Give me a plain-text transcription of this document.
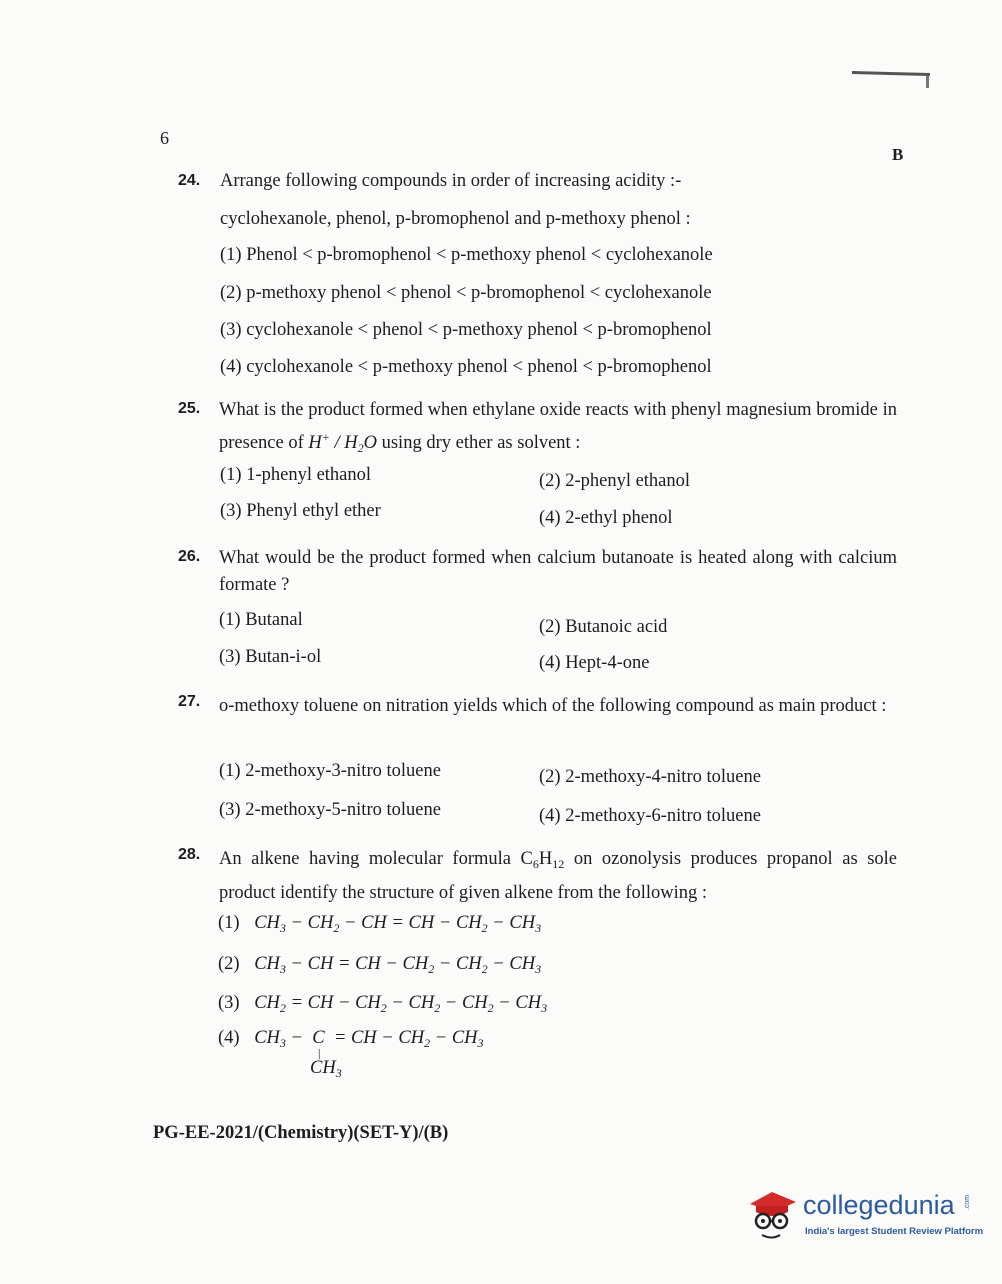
6
B
24. Arrange following compounds in order of increasing acidity :-
cyclohexanole, phenol, p-bromophenol and p-methoxy phenol :
(1) Phenol < p-bromophenol < p-methoxy phenol < cyclohexanole
(2) p-methoxy phenol < phenol < p-bromophenol < cyclohexanole
(3) cyclohexanole < phenol < p-methoxy phenol < p-bromophenol
(4) cyclohexanole < p-methoxy phenol < phenol < p-bromophenol
25. What is the product formed when ethylane oxide reacts with phenyl magnesium bromide in presence of $H^+ / H_2O$ using dry ether as solvent :
(1) 1-phenyl ethanol	(2) 2-phenyl ethanol
(3) Phenyl ethyl ether	(4) 2-ethyl phenol
26. What would be the product formed when calcium butanoate is heated along with calcium formate ?
(1) Butanal	(2) Butanoic acid
(3) Butan-i-ol	(4) Hept-4-one
27. o-methoxy toluene on nitration yields which of the following compound as main product :
(1) 2-methoxy-3-nitro toluene	(2) 2-methoxy-4-nitro toluene
(3) 2-methoxy-5-nitro toluene	(4) 2-methoxy-6-nitro toluene
28. An alkene having molecular formula $C_6H_{12}$ on ozonolysis produces propanol as sole product identify the structure of given alkene from the following :
(1) $CH_3 - CH_2$ − CH = CH − $CH_2 - CH_3$
(2) $CH_3$ − CH = CH − $CH_2 - CH_2 - CH_3$
(3) $CH_2$ = CH − $CH_2 - CH_2 - CH_2 - CH_3$
(4) $CH_3 - C$  = CH − $CH_2 - CH_3$
|
$CH_3$
PG-EE-2021/(Chemistry)(SET-Y)/(B)
collegedunia .com
India's largest Student Review Platform
